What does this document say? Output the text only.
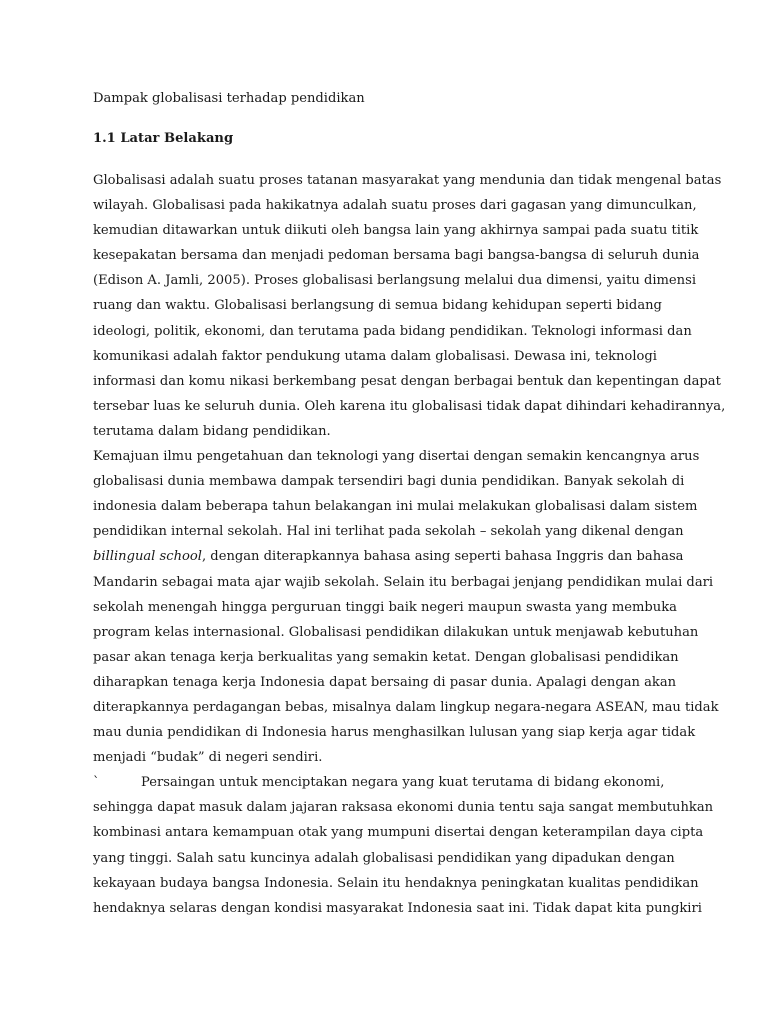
Dampak globalisasi terhadap pendidikan

1.1 Latar Belakang

Globalisasi adalah suatu proses tatanan masyarakat yang mendunia dan tidak mengenal batas
wilayah. Globalisasi pada hakikatnya adalah suatu proses dari gagasan yang dimunculkan,
kemudian ditawarkan untuk diikuti oleh bangsa lain yang akhirnya sampai pada suatu titik
kesepakatan bersama dan menjadi pedoman bersama bagi bangsa-bangsa di seluruh dunia
(Edison A. Jamli, 2005). Proses globalisasi berlangsung melalui dua dimensi, yaitu dimensi
ruang dan waktu. Globalisasi berlangsung di semua bidang kehidupan seperti bidang
ideologi, politik, ekonomi, dan terutama pada bidang pendidikan. Teknologi informasi dan
komunikasi adalah faktor pendukung utama dalam globalisasi. Dewasa ini, teknologi
informasi dan komu nikasi berkembang pesat dengan berbagai bentuk dan kepentingan dapat
tersebar luas ke seluruh dunia. Oleh karena itu globalisasi tidak dapat dihindari kehadirannya,
terutama dalam bidang pendidikan.
Kemajuan ilmu pengetahuan dan teknologi yang disertai dengan semakin kencangnya arus
globalisasi dunia membawa dampak tersendiri bagi dunia pendidikan. Banyak sekolah di
indonesia dalam beberapa tahun belakangan ini mulai melakukan globalisasi dalam sistem
pendidikan internal sekolah. Hal ini terlihat pada sekolah – sekolah yang dikenal dengan
billingual school, dengan diterapkannya bahasa asing seperti bahasa Inggris dan bahasa
Mandarin sebagai mata ajar wajib sekolah. Selain itu berbagai jenjang pendidikan mulai dari
sekolah menengah hingga perguruan tinggi baik negeri maupun swasta yang membuka
program kelas internasional. Globalisasi pendidikan dilakukan untuk menjawab kebutuhan
pasar akan tenaga kerja berkualitas yang semakin ketat. Dengan globalisasi pendidikan
diharapkan tenaga kerja Indonesia dapat bersaing di pasar dunia. Apalagi dengan akan
diterapkannya perdagangan bebas, misalnya dalam lingkup negara-negara ASEAN, mau tidak
mau dunia pendidikan di Indonesia harus menghasilkan lulusan yang siap kerja agar tidak
menjadi “budak” di negeri sendiri.
`	Persaingan untuk menciptakan negara yang kuat terutama di bidang ekonomi,
sehingga dapat masuk dalam jajaran raksasa ekonomi dunia tentu saja sangat membutuhkan
kombinasi antara kemampuan otak yang mumpuni disertai dengan keterampilan daya cipta
yang tinggi. Salah satu kuncinya adalah globalisasi pendidikan yang dipadukan dengan
kekayaan budaya bangsa Indonesia. Selain itu hendaknya peningkatan kualitas pendidikan
hendaknya selaras dengan kondisi masyarakat Indonesia saat ini. Tidak dapat kita pungkiri
